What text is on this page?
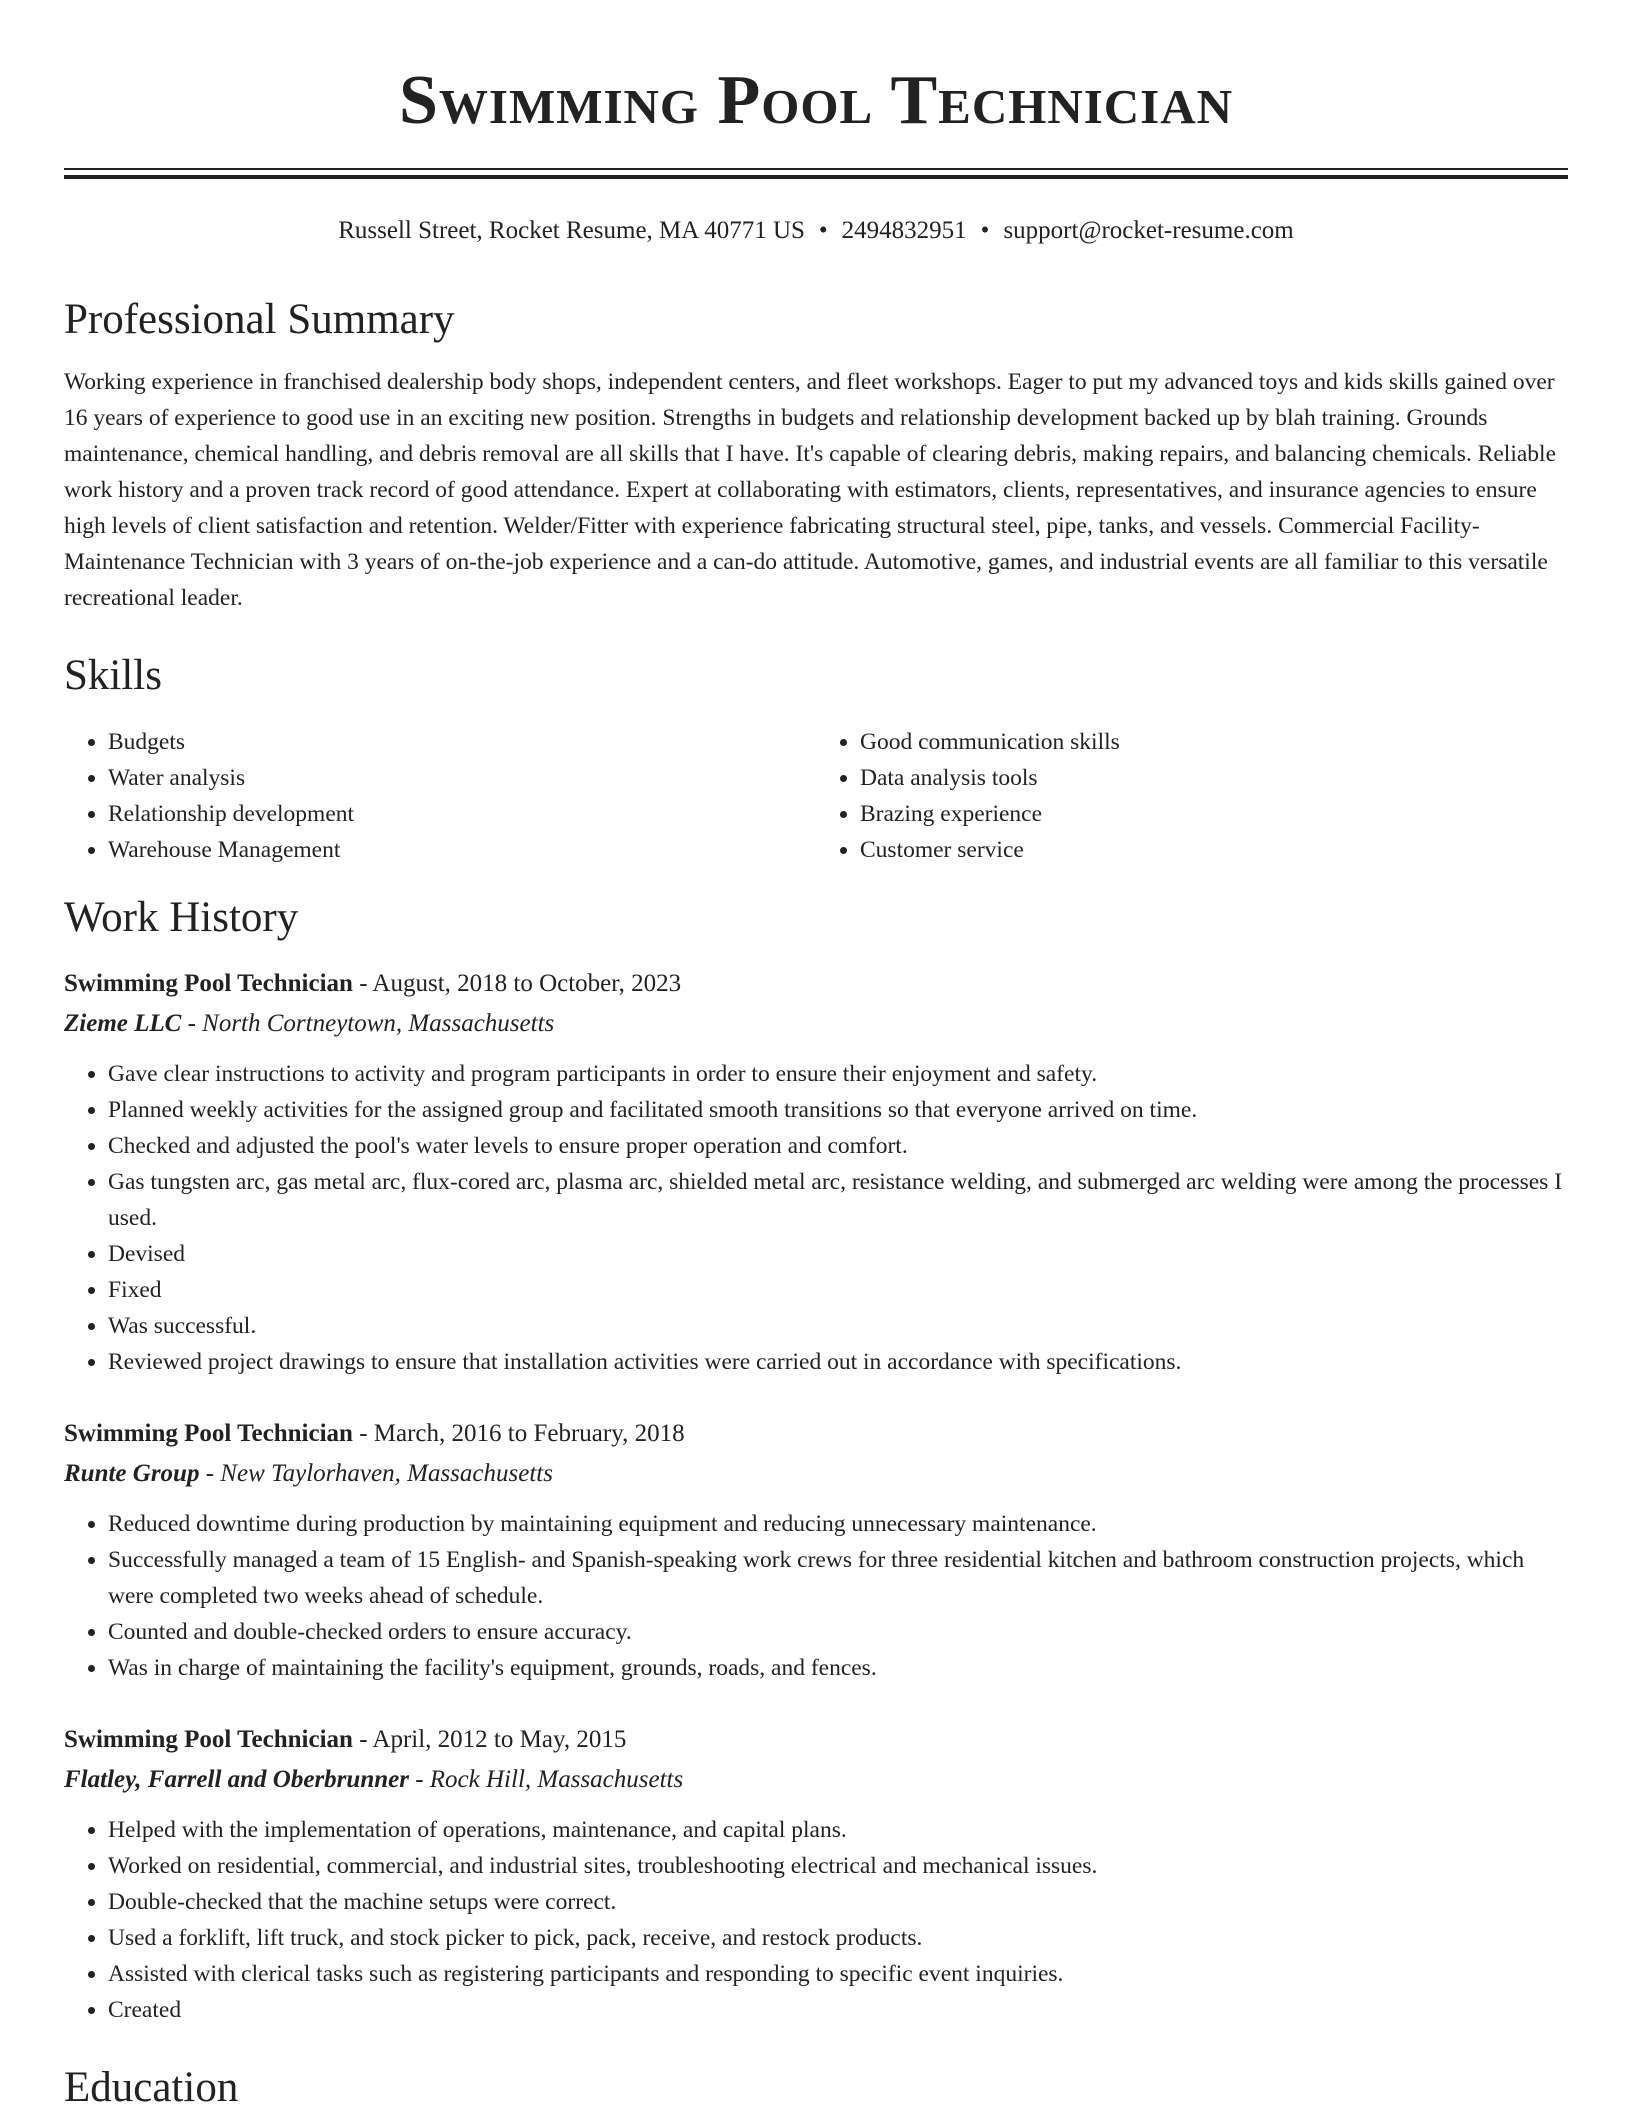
Swimming Pool Technician
Russell Street, Rocket Resume, MA 40771 US • 2494832951 • support@rocket-resume.com
Professional Summary

Working experience in franchised dealership body shops, independent centers, and fleet workshops. Eager to put my advanced toys and kids skills gained over 16 years of experience to good use in an exciting new position. Strengths in budgets and relationship development backed up by blah training. Grounds maintenance, chemical handling, and debris removal are all skills that I have. It's capable of clearing debris, making repairs, and balancing chemicals. Reliable work history and a proven track record of good attendance. Expert at collaborating with estimators, clients, representatives, and insurance agencies to ensure high levels of client satisfaction and retention. Welder/Fitter with experience fabricating structural steel, pipe, tanks, and vessels. Commercial Facility-Maintenance Technician with 3 years of on-the-job experience and a can-do attitude. Automotive, games, and industrial events are all familiar to this versatile recreational leader.

Skills
• Budgets
• Water analysis
• Relationship development
• Warehouse Management
• Good communication skills
• Data analysis tools
• Brazing experience
• Customer service
Work History
Swimming Pool Technician - August, 2018 to October, 2023
Zieme LLC - North Cortneytown, Massachusetts
• Gave clear instructions to activity and program participants in order to ensure their enjoyment and safety.
• Planned weekly activities for the assigned group and facilitated smooth transitions so that everyone arrived on time.
• Checked and adjusted the pool's water levels to ensure proper operation and comfort.
• Gas tungsten arc, gas metal arc, flux-cored arc, plasma arc, shielded metal arc, resistance welding, and submerged arc welding were among the processes I used.
• Devised
• Fixed
• Was successful.
• Reviewed project drawings to ensure that installation activities were carried out in accordance with specifications.
Swimming Pool Technician - March, 2016 to February, 2018
Runte Group - New Taylorhaven, Massachusetts
• Reduced downtime during production by maintaining equipment and reducing unnecessary maintenance.
• Successfully managed a team of 15 English- and Spanish-speaking work crews for three residential kitchen and bathroom construction projects, which were completed two weeks ahead of schedule.
• Counted and double-checked orders to ensure accuracy.
• Was in charge of maintaining the facility's equipment, grounds, roads, and fences.
Swimming Pool Technician - April, 2012 to May, 2015
Flatley, Farrell and Oberbrunner - Rock Hill, Massachusetts
• Helped with the implementation of operations, maintenance, and capital plans.
• Worked on residential, commercial, and industrial sites, troubleshooting electrical and mechanical issues.
• Double-checked that the machine setups were correct.
• Used a forklift, lift truck, and stock picker to pick, pack, receive, and restock products.
• Assisted with clerical tasks such as registering participants and responding to specific event inquiries.
• Created
Education
